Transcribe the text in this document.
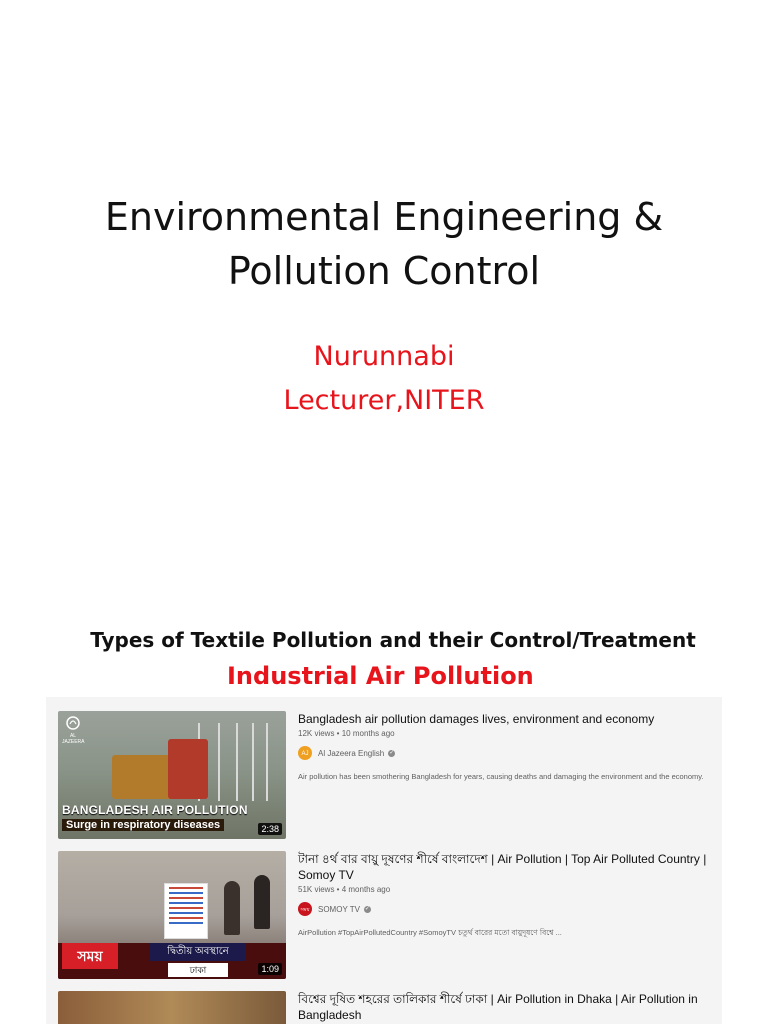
Environmental Engineering &
Pollution Control
Nurunnabi
Lecturer,NITER
Types of Textile Pollution and their Control/Treatment
Industrial Air Pollution
AL JAZEERA
BANGLADESH AIR POLLUTION
Surge in respiratory diseases	2:38
Bangladesh air pollution damages lives, environment and economy
12K views • 10 months ago
AJ	Al Jazeera English ✓
Air pollution has been smothering Bangladesh for years, causing deaths and damaging the environment and the economy.
সময়	দ্বিতীয় অবস্থানে
ঢাকা	1:09
টানা ৪র্থ বার বায়ু দূষণের শীর্ষে বাংলাদেশ | Air Pollution | Top Air Polluted Country | Somoy TV
51K views • 4 months ago
সময়	SOMOY TV ✓
AirPollution #TopAirPollutedCountry #SomoyTV চতুর্থ বারের মতো বায়ুদূষণে বিশ্বে ...
বিশ্বের দূষিত শহরের তালিকার শীর্ষে ঢাকা | Air Pollution in Dhaka | Air Pollution in Bangladesh
